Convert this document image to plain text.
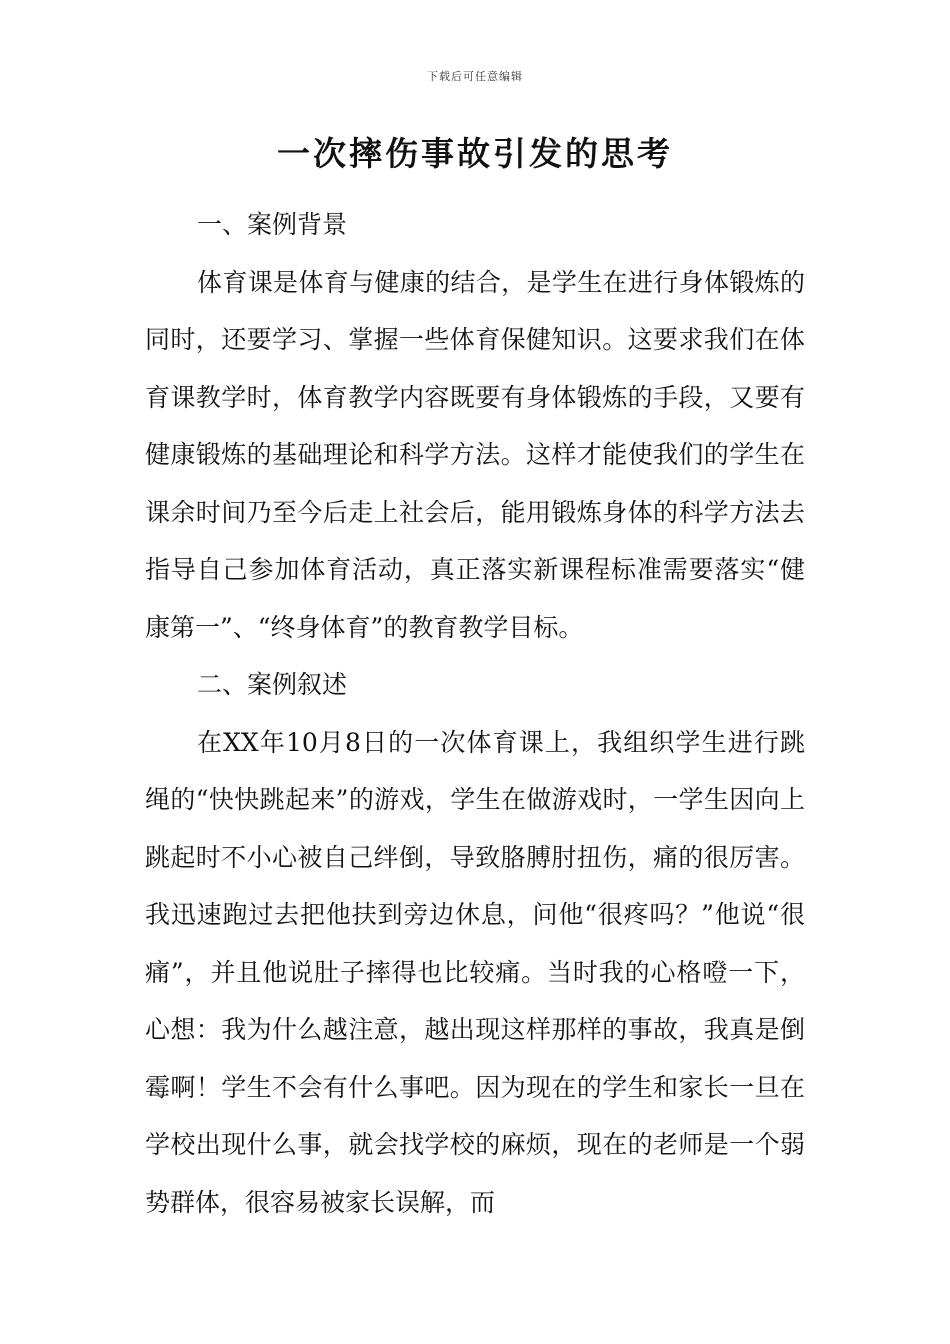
下载后可任意编辑
一次摔伤事故引发的思考

一、案例背景

体育课是体育与健康的结合，是学生在进行身体锻炼的同时，还要学习、掌握一些体育保健知识。这要求我们在体育课教学时，体育教学内容既要有身体锻炼的手段，又要有健康锻炼的基础理论和科学方法。这样才能使我们的学生在课余时间乃至今后走上社会后，能用锻炼身体的科学方法去指导自己参加体育活动，真正落实新课程标准需要落实“健康第一”、“终身体育”的教育教学目标。

二、案例叙述

在XX年10月8日的一次体育课上，我组织学生进行跳绳的“快快跳起来”的游戏，学生在做游戏时，一学生因向上跳起时不小心被自己绊倒，导致胳膊肘扭伤，痛的很厉害。我迅速跑过去把他扶到旁边休息，问他“很疼吗？”他说“很痛”，并且他说肚子摔得也比较痛。当时我的心格噔一下，心想：我为什么越注意，越出现这样那样的事故，我真是倒霉啊！学生不会有什么事吧。因为现在的学生和家长一旦在学校出现什么事，就会找学校的麻烦，现在的老师是一个弱势群体，很容易被家长误解，而
